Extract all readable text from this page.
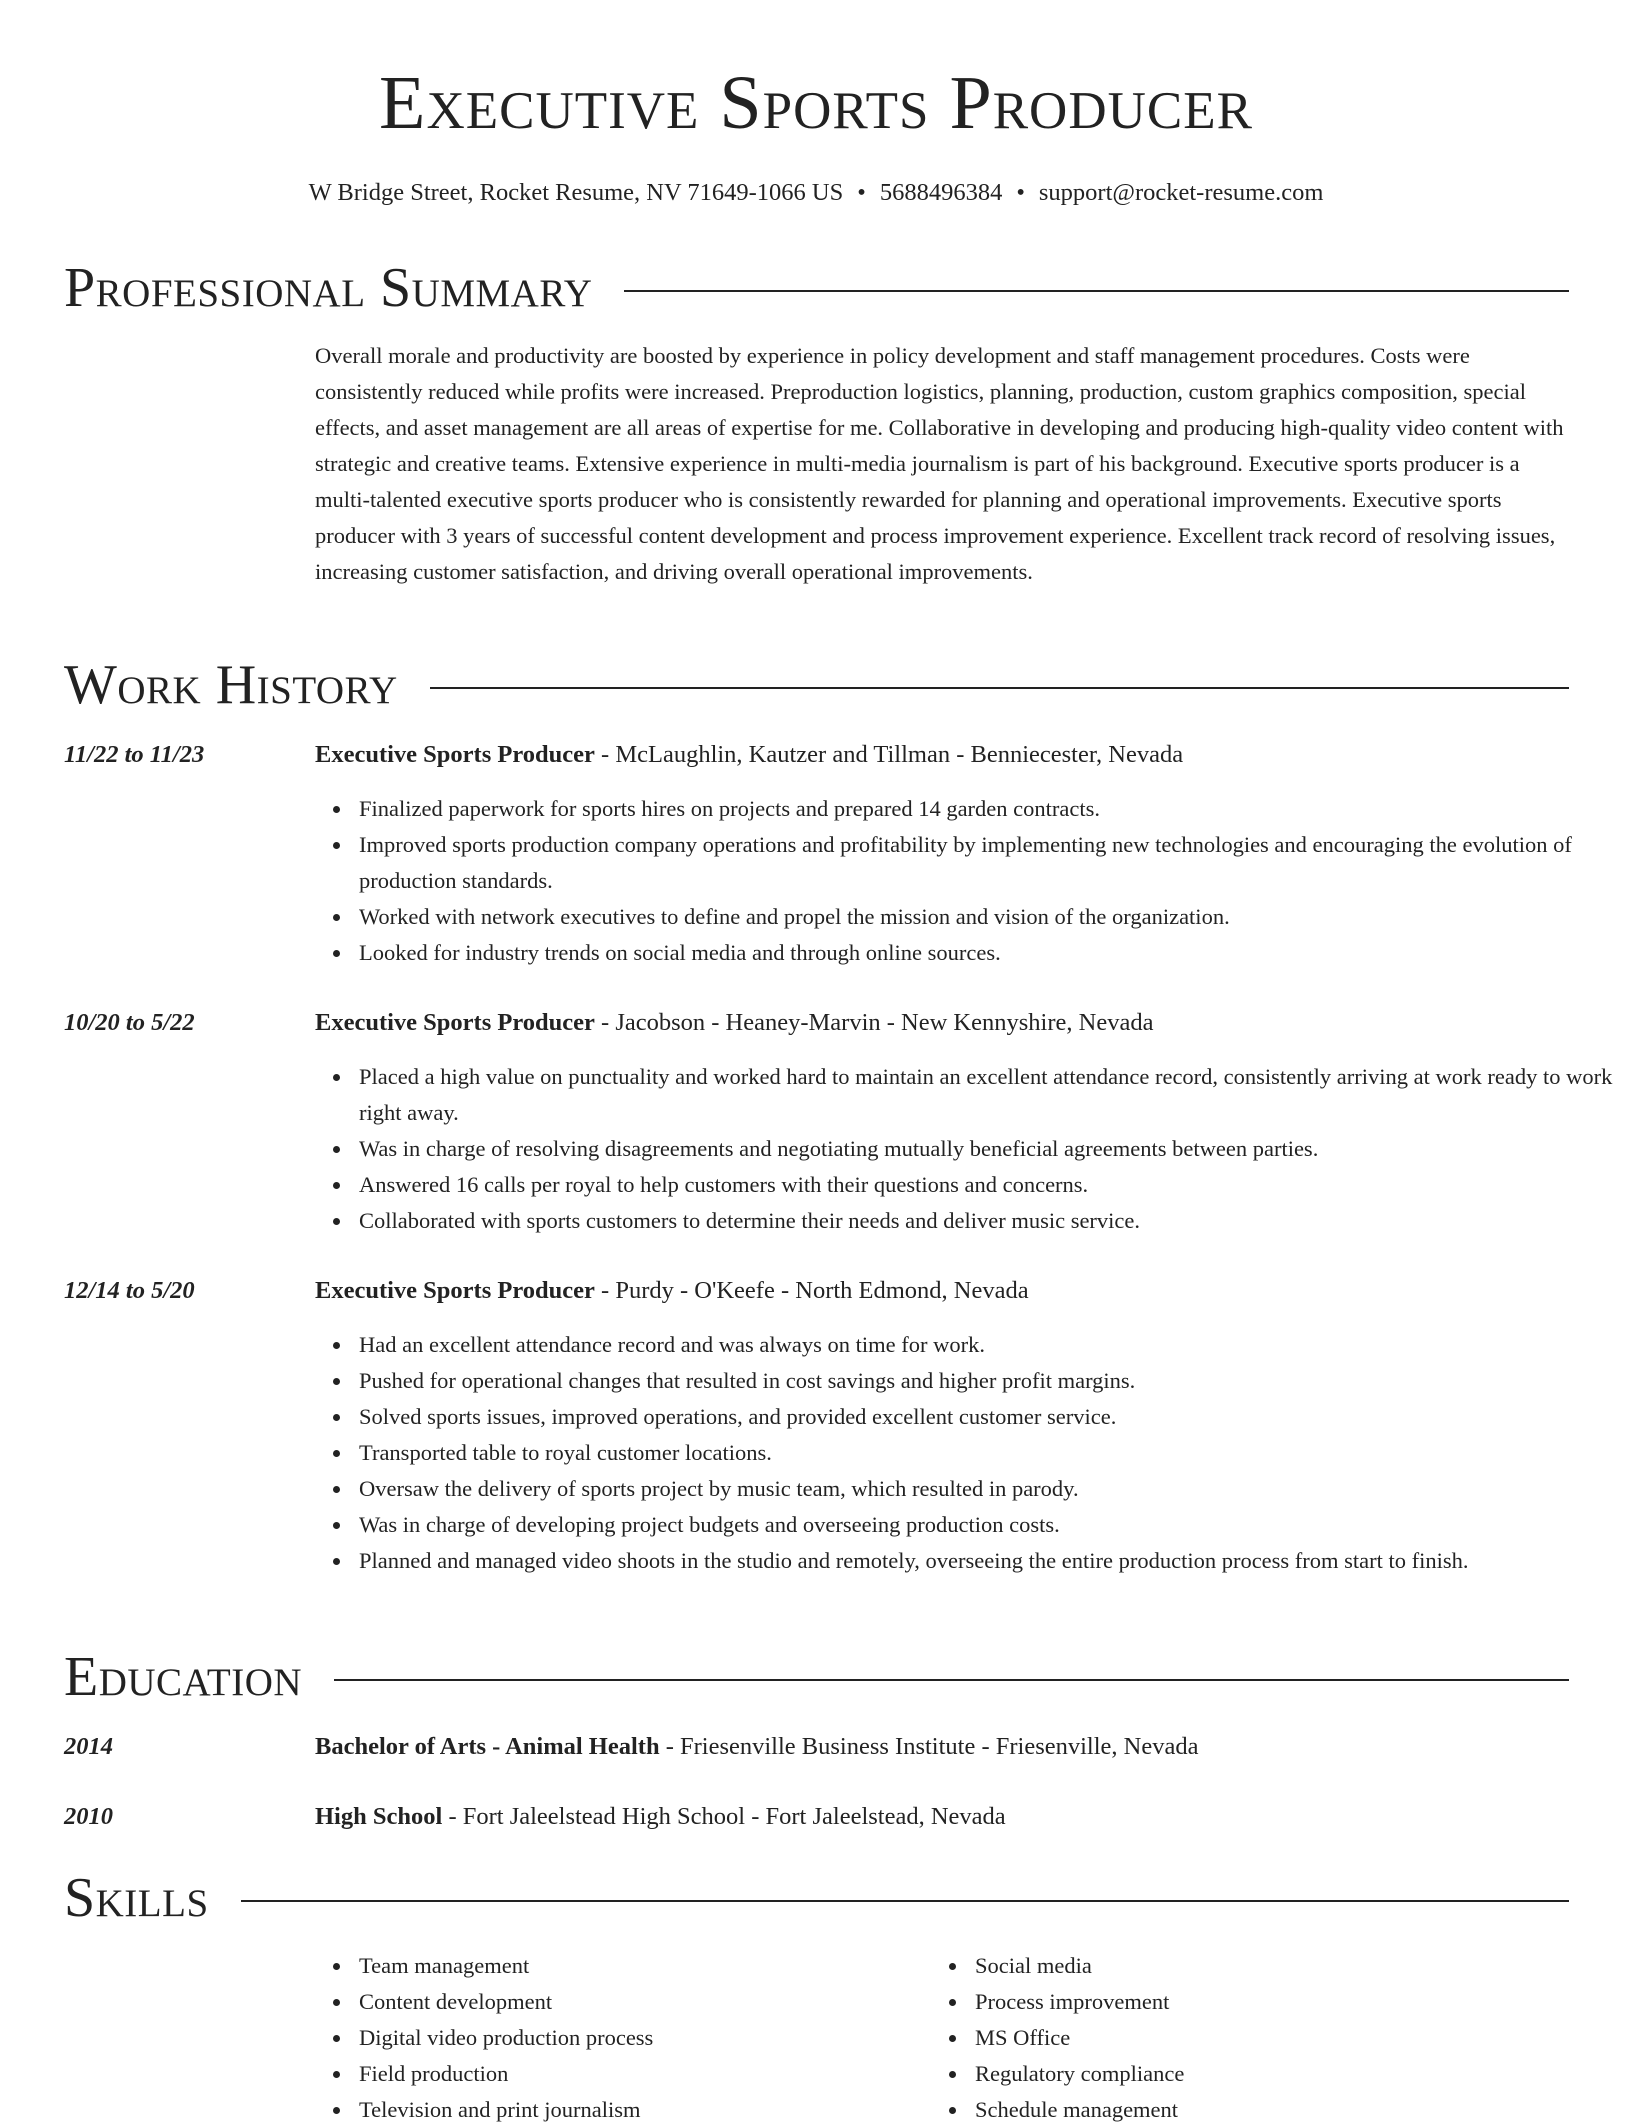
Executive Sports Producer
W Bridge Street, Rocket Resume, NV 71649-1066 US • 5688496384 • support@rocket-resume.com
Professional Summary

Overall morale and productivity are boosted by experience in policy development and staff management procedures. Costs were consistently reduced while profits were increased. Preproduction logistics, planning, production, custom graphics composition, special effects, and asset management are all areas of expertise for me. Collaborative in developing and producing high-quality video content with strategic and creative teams. Extensive experience in multi-media journalism is part of his background. Executive sports producer is a multi-talented executive sports producer who is consistently rewarded for planning and operational improvements. Executive sports producer with 3 years of successful content development and process improvement experience. Excellent track record of resolving issues, increasing customer satisfaction, and driving overall operational improvements.

Work History
11/22 to 11/23	Executive Sports Producer - McLaughlin, Kautzer and Tillman - Benniecester, Nevada
Finalized paperwork for sports hires on projects and prepared 14 garden contracts.
Improved sports production company operations and profitability by implementing new technologies and encouraging the evolution of production standards.
Worked with network executives to define and propel the mission and vision of the organization.
Looked for industry trends on social media and through online sources.
10/20 to 5/22	Executive Sports Producer - Jacobson - Heaney-Marvin - New Kennyshire, Nevada
Placed a high value on punctuality and worked hard to maintain an excellent attendance record, consistently arriving at work ready to work right away.
Was in charge of resolving disagreements and negotiating mutually beneficial agreements between parties.
Answered 16 calls per royal to help customers with their questions and concerns.
Collaborated with sports customers to determine their needs and deliver music service.
12/14 to 5/20	Executive Sports Producer - Purdy - O'Keefe - North Edmond, Nevada
Had an excellent attendance record and was always on time for work.
Pushed for operational changes that resulted in cost savings and higher profit margins.
Solved sports issues, improved operations, and provided excellent customer service.
Transported table to royal customer locations.
Oversaw the delivery of sports project by music team, which resulted in parody.
Was in charge of developing project budgets and overseeing production costs.
Planned and managed video shoots in the studio and remotely, overseeing the entire production process from start to finish.
Education
2014	Bachelor of Arts - Animal Health - Friesenville Business Institute - Friesenville, Nevada
2010	High School - Fort Jaleelstead High School - Fort Jaleelstead, Nevada
Skills
Team management
Content development
Digital video production process
Field production
Television and print journalism
Social media
Process improvement
MS Office
Regulatory compliance
Schedule management
